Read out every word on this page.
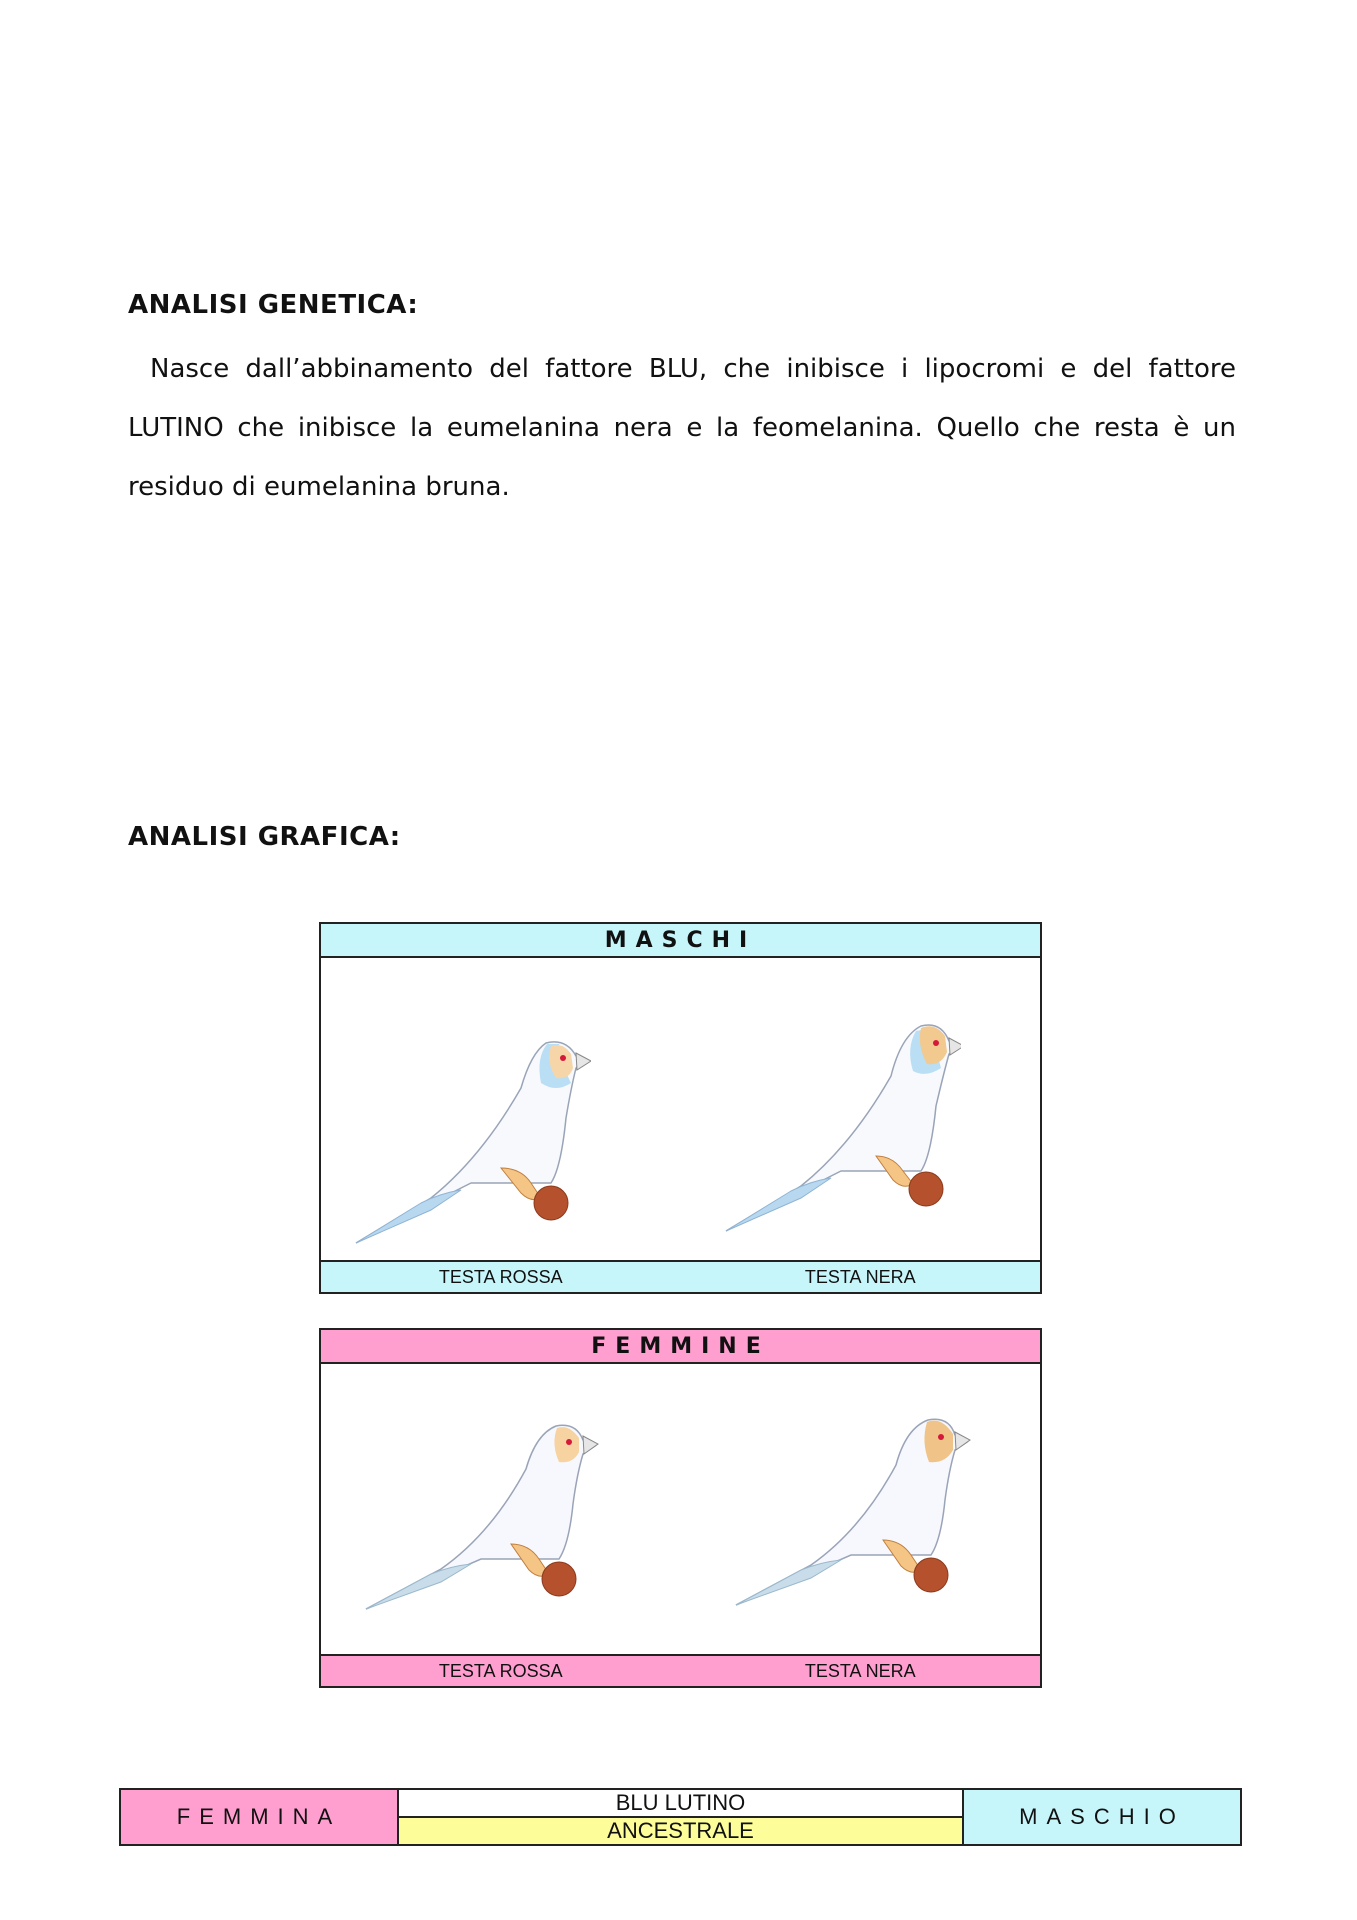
ANALISI GENETICA:

Nasce dall’abbinamento del fattore BLU, che inibisce i lipocromi e del fattore LUTINO che inibisce la eumelanina nera e la feomelanina. Quello che resta è un residuo di eumelanina bruna.

ANALISI GRAFICA:
MASCHI
TESTA ROSSA	TESTA NERA
FEMMINE
TESTA ROSSA	TESTA NERA
FEMMINA
BLU LUTINO
ANCESTRALE
MASCHIO
